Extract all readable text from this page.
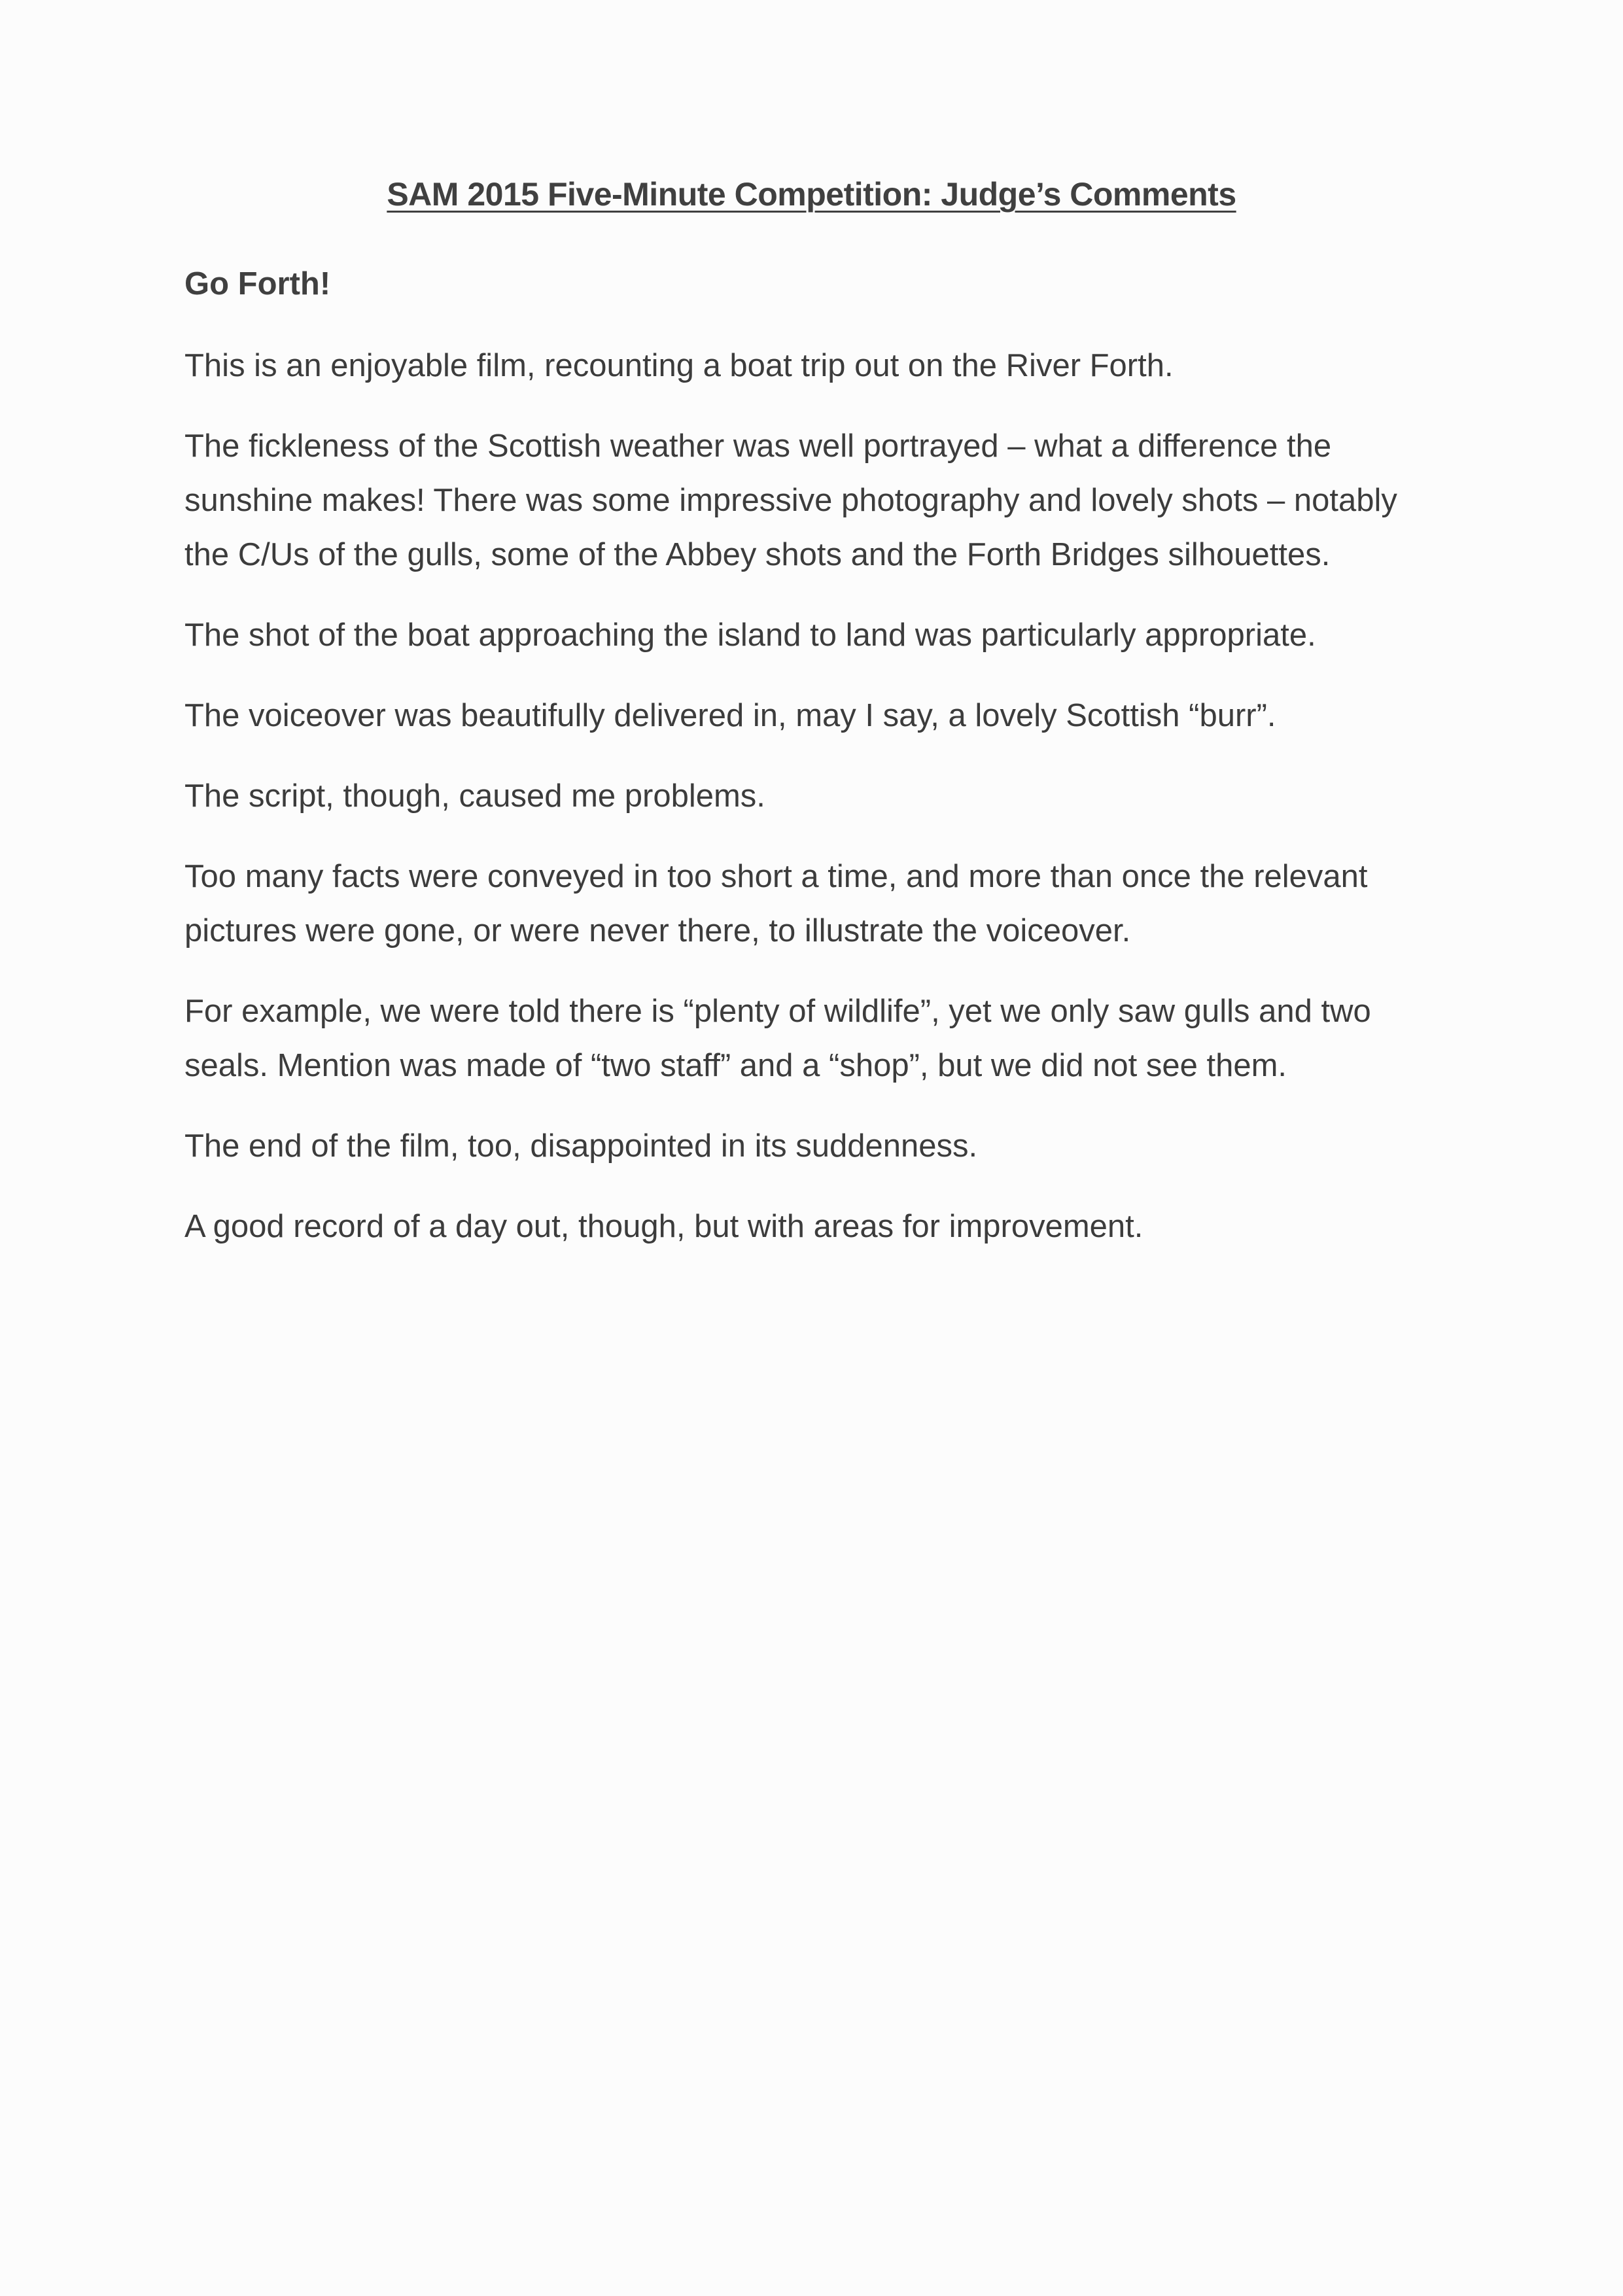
SAM 2015 Five-Minute Competition: Judge’s Comments

Go Forth!

This is an enjoyable film, recounting a boat trip out on the River Forth.

The fickleness of the Scottish weather was well portrayed – what a difference the sunshine makes! There was some impressive photography and lovely shots – notably the C/Us of the gulls, some of the Abbey shots and the Forth Bridges silhouettes.

The shot of the boat approaching the island to land was particularly appropriate.

The voiceover was beautifully delivered in, may I say, a lovely Scottish “burr”.

The script, though, caused me problems.

Too many facts were conveyed in too short a time, and more than once the relevant pictures were gone, or were never there, to illustrate the voiceover.

For example, we were told there is “plenty of wildlife”, yet we only saw gulls and two seals. Mention was made of “two staff” and a “shop”, but we did not see them.

The end of the film, too, disappointed in its suddenness.

A good record of a day out, though, but with areas for improvement.
